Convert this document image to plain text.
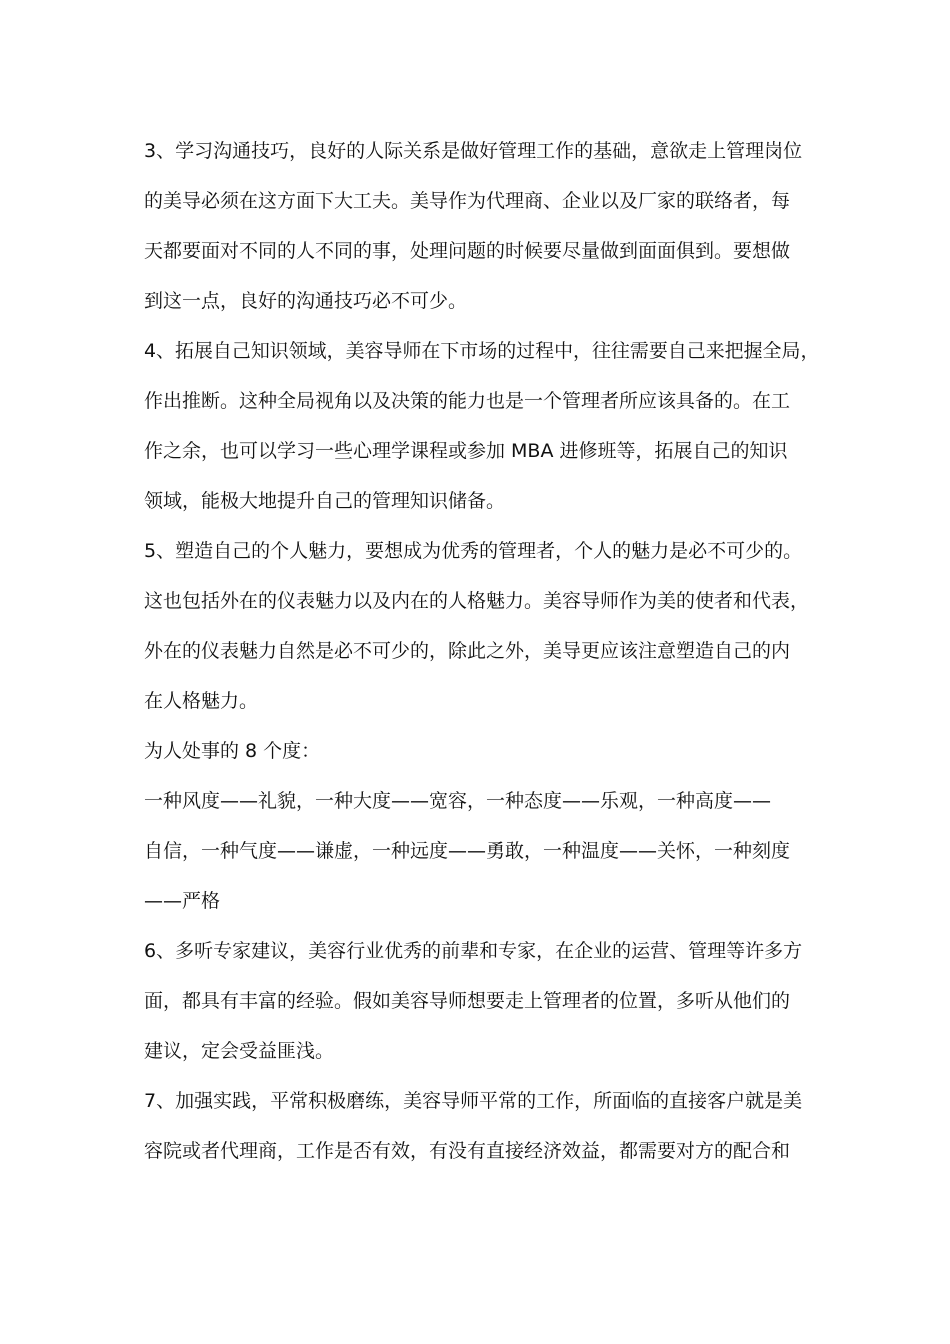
3、学习沟通技巧，良好的人际关系是做好管理工作的基础，意欲走上管理岗位
的美导必须在这方面下大工夫。美导作为代理商、企业以及厂家的联络者，每
天都要面对不同的人不同的事，处理问题的时候要尽量做到面面俱到。要想做
到这一点，良好的沟通技巧必不可少。
4、拓展自己知识领域，美容导师在下市场的过程中，往往需要自己来把握全局，
作出推断。这种全局视角以及决策的能力也是一个管理者所应该具备的。在工
作之余，也可以学习一些心理学课程或参加 MBA 进修班等，拓展自己的知识
领域，能极大地提升自己的管理知识储备。
5、塑造自己的个人魅力，要想成为优秀的管理者，个人的魅力是必不可少的。
这也包括外在的仪表魅力以及内在的人格魅力。美容导师作为美的使者和代表，
外在的仪表魅力自然是必不可少的，除此之外，美导更应该注意塑造自己的内
在人格魅力。
为人处事的 8 个度：
一种风度——礼貌，一种大度——宽容，一种态度——乐观，一种高度——
自信，一种气度——谦虚，一种远度——勇敢，一种温度——关怀，一种刻度
——严格
6、多听专家建议，美容行业优秀的前辈和专家，在企业的运营、管理等许多方
面，都具有丰富的经验。假如美容导师想要走上管理者的位置，多听从他们的
建议，定会受益匪浅。
7、加强实践，平常积极磨练，美容导师平常的工作，所面临的直接客户就是美
容院或者代理商，工作是否有效，有没有直接经济效益，都需要对方的配合和
